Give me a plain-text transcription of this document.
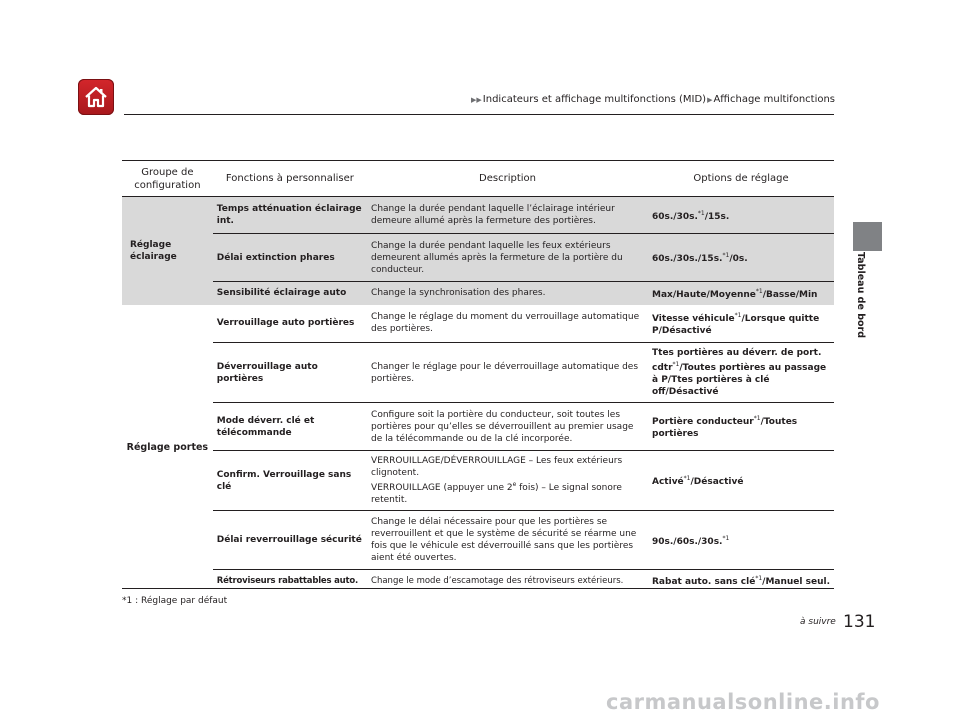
▶▶Indicateurs et affichage multifonctions (MID)▶Affichage multifonctions
Tableau de bord
Groupe de configuration	Fonctions à personnaliser	Description	Options de réglage
Réglage éclairage	Temps atténuation éclairage int.	Change la durée pendant laquelle l’éclairage intérieur demeure allumé après la fermeture des portières.	60s./30s.$^{*1}$/15s.
	Délai extinction phares	Change la durée pendant laquelle les feux extérieurs demeurent allumés après la fermeture de la portière du conducteur.	60s./30s./15s.$^{*1}$/0s.
	Sensibilité éclairage auto	Change la synchronisation des phares.	Max/Haute/Moyenne$^{*1}$/Basse/Min
Réglage portes	Verrouillage auto portières	Change le réglage du moment du verrouillage automatique des portières.	Vitesse véhicule$^{*1}$/Lorsque quitte P/Désactivé
	Déverrouillage auto portières	Changer le réglage pour le déverrouillage automatique des portières.	Ttes portières au déverr. de port. cdtr$^{*1}$/Toutes portières au passage à P/Ttes portières à clé off/Désactivé
	Mode déverr. clé et télécommande	Configure soit la portière du conducteur, soit toutes les portières pour qu’elles se déverrouillent au premier usage de la télécommande ou de la clé incorporée.	Portière conducteur$^{*1}$/Toutes portières
	Confirm. Verrouillage sans clé	VERROUILLAGE/DÉVERROUILLAGE – Les feux extérieurs clignotent.
VERROUILLAGE (appuyer une 2e fois) – Le signal sonore retentit.	Activé$^{*1}$/Désactivé
	Délai reverrouillage sécurité	Change le délai nécessaire pour que les portières se reverrouillent et que le système de sécurité se réarme une fois que le véhicule est déverrouillé sans que les portières aient été ouvertes.	90s./60s./30s.$^{*1}$
	Rétroviseurs rabattables auto.	Change le mode d’escamotage des rétroviseurs extérieurs.	Rabat auto. sans clé$^{*1}$/Manuel seul.
*1 : Réglage par défaut
à suivre 131
carmanualsonline.info
